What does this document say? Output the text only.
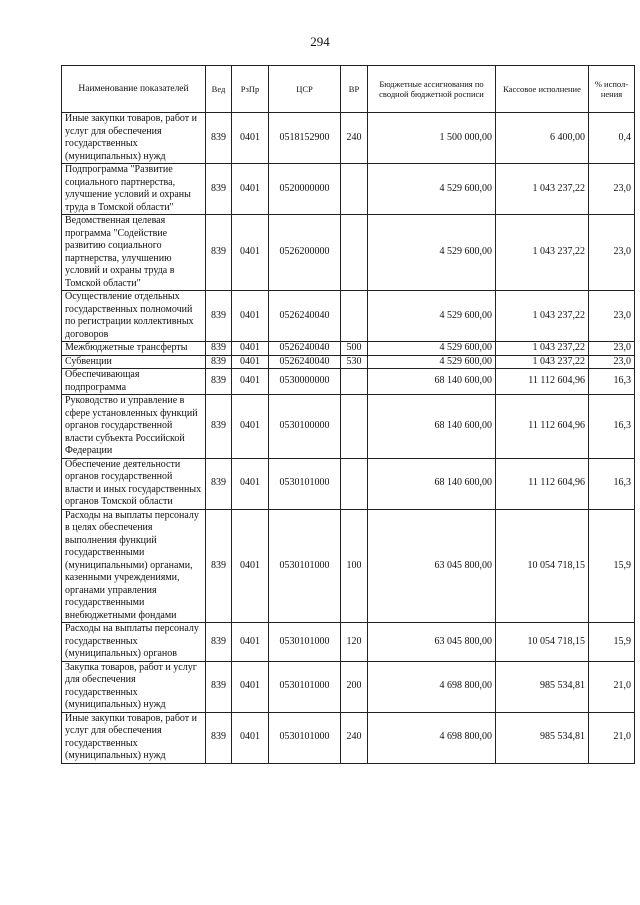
294
Наименование показателей	Вед	РзПр	ЦСР	ВР	Бюджетные ассигнования по сводной бюджетной росписи	Кассовое исполнение	% испол-нения
Иные закупки товаров, работ и услуг для обеспечения государственных (муниципальных) нужд	839	0401	0518152900	240	1 500 000,00	6 400,00	0,4
Подпрограмма "Развитие социального партнерства, улучшение условий и охраны труда в Томской области"	839	0401	0520000000		4 529 600,00	1 043 237,22	23,0
Ведомственная целевая программа "Содействие развитию социального партнерства, улучшению условий и охраны труда в Томской области"	839	0401	0526200000		4 529 600,00	1 043 237,22	23,0
Осуществление отдельных государственных полномочий по регистрации коллективных договоров	839	0401	0526240040		4 529 600,00	1 043 237,22	23,0
Межбюджетные трансферты	839	0401	0526240040	500	4 529 600,00	1 043 237,22	23,0
Субвенции	839	0401	0526240040	530	4 529 600,00	1 043 237,22	23,0
Обеспечивающая подпрограмма	839	0401	0530000000		68 140 600,00	11 112 604,96	16,3
Руководство и управление в сфере установленных функций органов государственной власти субъекта Российской Федерации	839	0401	0530100000		68 140 600,00	11 112 604,96	16,3
Обеспечение деятельности органов государственной власти и иных государственных органов Томской области	839	0401	0530101000		68 140 600,00	11 112 604,96	16,3
Расходы на выплаты персоналу в целях обеспечения выполнения функций государственными (муниципальными) органами, казенными учреждениями, органами управления государственными внебюджетными фондами	839	0401	0530101000	100	63 045 800,00	10 054 718,15	15,9
Расходы на выплаты персоналу государственных (муниципальных) органов	839	0401	0530101000	120	63 045 800,00	10 054 718,15	15,9
Закупка товаров, работ и услуг для обеспечения государственных (муниципальных) нужд	839	0401	0530101000	200	4 698 800,00	985 534,81	21,0
Иные закупки товаров, работ и услуг для обеспечения государственных (муниципальных) нужд	839	0401	0530101000	240	4 698 800,00	985 534,81	21,0
